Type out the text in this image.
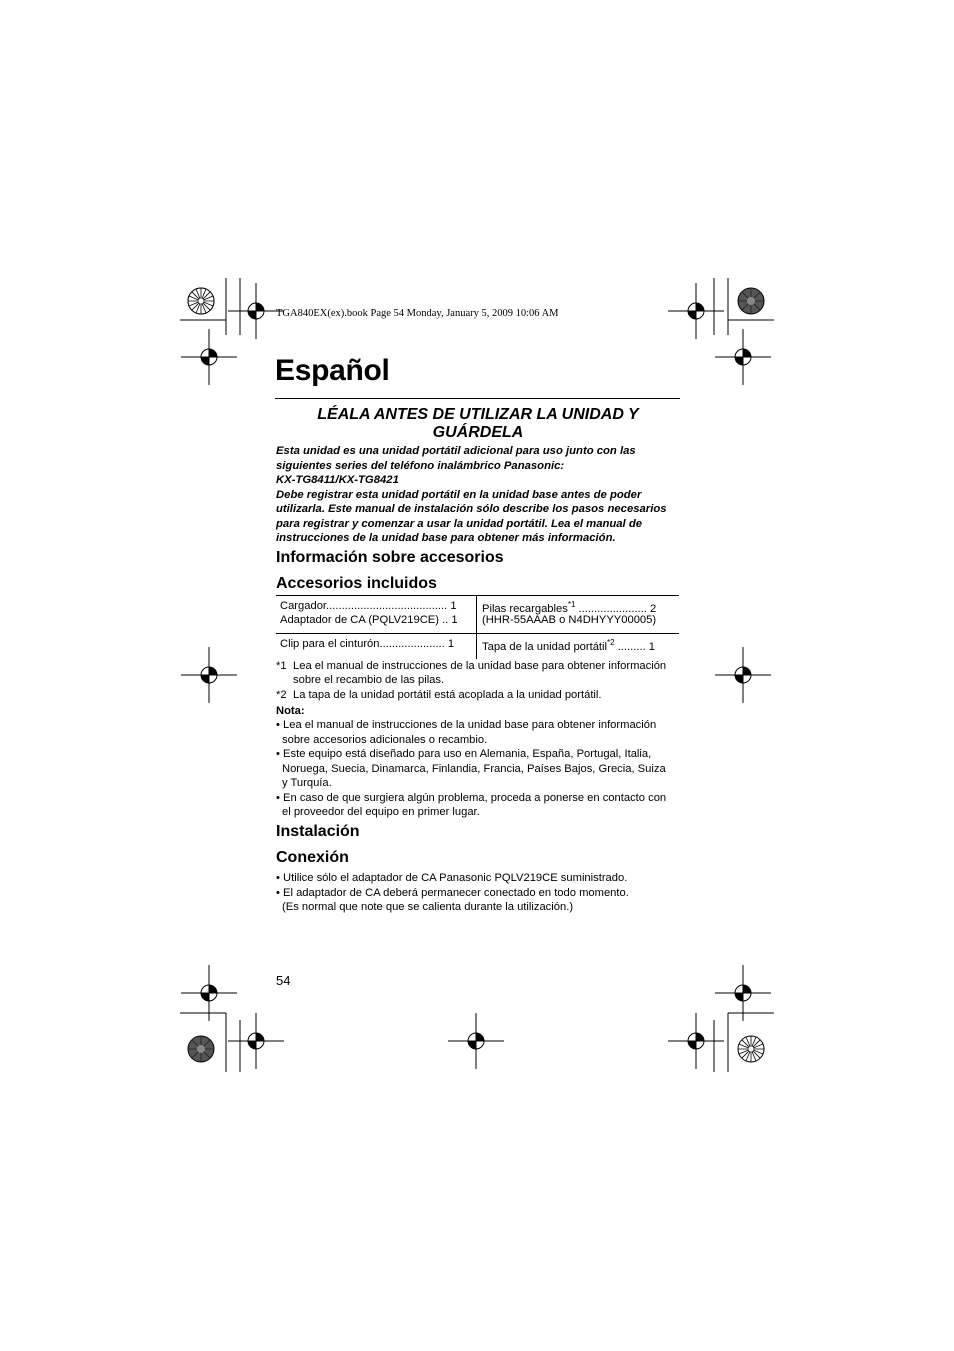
TGA840EX(ex).book Page 54 Monday, January 5, 2009 10:06 AM
Español
LÉALA ANTES DE UTILIZAR LA UNIDAD Y
GUÁRDELA
Esta unidad es una unidad portátil adicional para uso junto con las
siguientes series del teléfono inalámbrico Panasonic:
KX-TG8411/KX-TG8421
Debe registrar esta unidad portátil en la unidad base antes de poder
utilizarla. Este manual de instalación sólo describe los pasos necesarios
para registrar y comenzar a usar la unidad portátil. Lea el manual de
instrucciones de la unidad base para obtener más información.
Información sobre accesorios
Accesorios incluidos
Cargador....................................... 1
Adaptador de CA (PQLV219CE) .. 1
Pilas recargables$^{*1}$ ...................... 2
(HHR-55AAAB o N4DHYYY00005)
Clip para el cinturón..................... 1 Tapa de la unidad portátil$^{*2}$ ......... 1
*1 Lea el manual de instrucciones de la unidad base para obtener información
sobre el recambio de las pilas.
*2 La tapa de la unidad portátil está acoplada a la unidad portátil.
Nota:
• Lea el manual de instrucciones de la unidad base para obtener información
sobre accesorios adicionales o recambio.
• Este equipo está diseñado para uso en Alemania, España, Portugal, Italia,
Noruega, Suecia, Dinamarca, Finlandia, Francia, Países Bajos, Grecia, Suiza
y Turquía.
• En caso de que surgiera algún problema, proceda a ponerse en contacto con
el proveedor del equipo en primer lugar.
Instalación
Conexión
• Utilice sólo el adaptador de CA Panasonic PQLV219CE suministrado.
• El adaptador de CA deberá permanecer conectado en todo momento.
(Es normal que note que se calienta durante la utilización.)
54
